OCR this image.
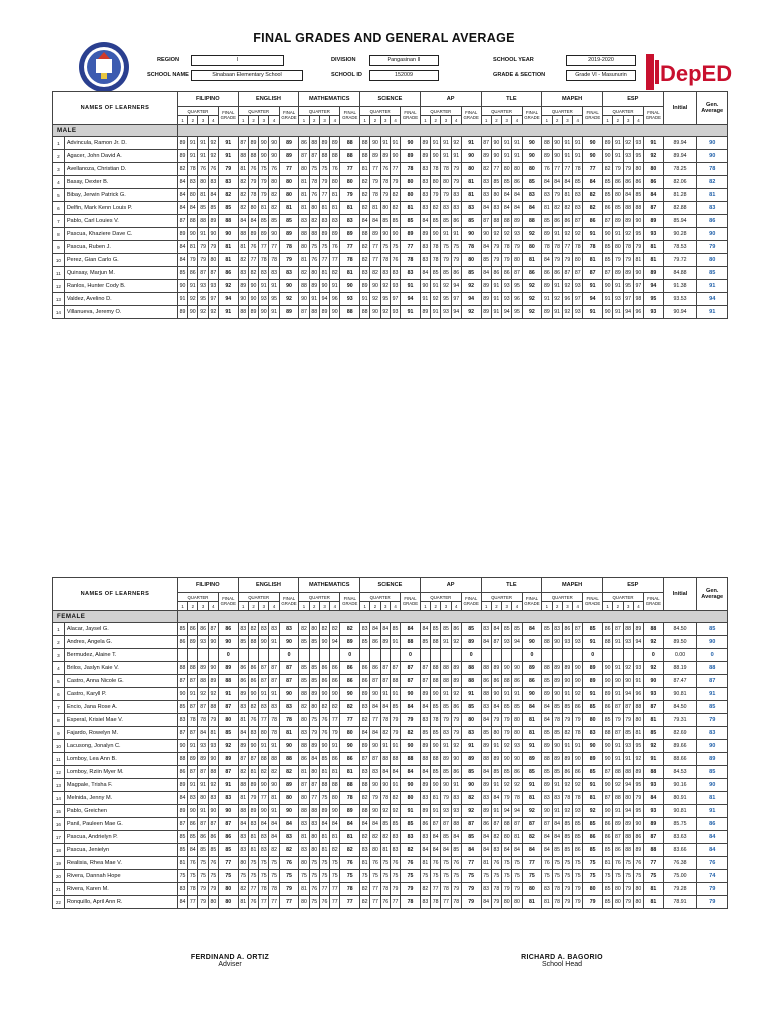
FINAL GRADES AND GENERAL AVERAGE
DepED
REGION	I	DIVISION	Pangasinan II	SCHOOL YEAR	2019-2020
SCHOOL NAME	Sinabaan Elementary School	SCHOOL ID	152009	GRADE & SECTION	Grade VI - Masunurin
NAMES OF LEARNERS		FILIPINO					ENGLISH					MATHEMATICS					SCIENCE					AP					TLE					MAPEH					ESP					Initial	Gen. Average
		QUARTER				FINAL GRADE	QUARTER				FINAL GRADE	QUARTER				FINAL GRADE	QUARTER				FINAL GRADE	QUARTER				FINAL GRADE	QUARTER				FINAL GRADE	QUARTER				FINAL GRADE	QUARTER				FINAL GRADE		
		1	2	3	4		1	2	3	4		1	2	3	4		1	2	3	4		1	2	3	4		1	2	3	4		1	2	3	4		1	2	3	4			
MALE																																											
1	Advincula, Ramon Jr. D.	89	91	91	92	91	87	89	90	90	89	86	88	89	89	88	88	90	91	91	90	89	91	91	92	91	87	90	91	91	90	88	90	91	91	90	89	91	92	93	91	89.94	90
2	Agacer, John David A.	89	91	91	92	91	88	88	90	90	89	87	87	88	88	88	88	89	89	90	89	89	90	91	91	90	89	90	91	91	90	89	90	91	91	90	90	91	93	95	92	89.94	90
3	Avellanoza, Christian D.	82	78	76	76	79	81	76	75	76	77	80	75	75	76	77	81	77	76	77	78	83	78	78	79	80	82	77	80	80	80	76	77	77	78	77	82	79	79	80	80	78.25	78
4	Basay, Dexter B.	84	83	80	83	83	82	79	79	80	80	81	78	79	80	80	82	79	78	79	80	83	80	80	79	81	83	85	85	86	85	84	84	84	85	84	85	86	86	86	86	82.06	82
5	Bibay, Jerwin Patrick G.	84	80	81	84	82	82	78	79	82	80	81	76	77	81	79	82	78	79	82	80	83	79	79	83	81	83	80	84	84	83	83	79	81	83	82	85	80	84	85	84	81.28	81
6	Delfin, Mark Kenn Louis P.	84	84	85	85	85	82	80	81	82	81	81	80	81	81	81	82	81	80	82	81	83	82	83	83	83	84	83	84	84	84	81	82	82	83	82	86	85	88	88	87	82.88	83
7	Pablo, Carl Louies V.	87	88	88	89	88	84	84	85	85	85	83	82	83	83	83	84	84	85	85	85	84	85	85	86	85	87	88	88	89	88	85	86	86	87	86	87	89	89	90	89	85.94	86
8	Pascua, Khaziere Dave C.	89	90	91	90	90	88	89	89	90	89	88	88	89	89	89	88	89	90	90	89	89	90	91	91	90	90	92	92	93	92	89	91	92	92	91	90	91	92	95	93	90.28	90
9	Pascua, Ruben J.	84	81	79	79	81	81	76	77	77	78	80	75	75	76	77	82	77	75	75	77	83	78	75	75	78	84	79	78	79	80	78	78	77	78	78	85	80	78	79	81	78.53	79
10	Perez, Gian Carlo G.	84	79	79	80	81	82	77	78	78	79	81	76	77	77	78	82	77	78	76	78	83	78	79	79	80	85	79	79	80	81	84	79	79	80	81	85	79	79	81	81	79.72	80
11	Quinsay, Marjun M.	85	86	87	87	86	83	82	83	83	83	82	80	81	82	81	83	82	83	83	83	84	85	85	86	85	84	86	86	87	86	86	86	87	87	87	87	89	89	90	89	84.88	85
12	Ranlos, Hunter Cody B.	90	91	93	93	92	89	90	91	91	90	88	89	90	91	90	89	90	92	93	91	90	91	92	94	92	89	91	93	95	92	89	91	92	93	91	90	91	95	97	94	91.38	91
13	Valdez, Avelino D.	91	92	95	97	94	90	90	93	95	92	90	91	94	96	93	91	92	95	97	94	91	92	95	97	94	89	91	93	96	92	91	92	96	97	94	91	93	97	98	95	93.53	94
14	Villanueva, Jeremy O.	89	90	92	92	91	88	89	90	91	89	87	88	89	90	88	88	90	92	93	91	89	91	93	94	92	89	91	94	95	92	89	91	92	93	91	90	91	94	96	93	90.94	91
NAMES OF LEARNERS		FILIPINO					ENGLISH					MATHEMATICS					SCIENCE					AP					TLE					MAPEH					ESP					Initial	Gen. Average
		QUARTER				FINAL GRADE	QUARTER				FINAL GRADE	QUARTER				FINAL GRADE	QUARTER				FINAL GRADE	QUARTER				FINAL GRADE	QUARTER				FINAL GRADE	QUARTER				FINAL GRADE	QUARTER				FINAL GRADE		
		1	2	3	4		1	2	3	4		1	2	3	4		1	2	3	4		1	2	3	4		1	2	3	4		1	2	3	4		1	2	3	4			
FEMALE																																											
1	Alacar, Jaysel G.	85	86	86	87	86	83	82	83	83	83	82	80	82	82	82	83	84	84	85	84	84	85	85	86	85	83	84	85	85	84	85	83	86	87	85	86	87	88	89	88	84.50	85
2	Andres, Angela G.	86	89	93	90	90	85	88	90	91	90	85	85	90	94	89	85	86	89	91	88	85	88	91	92	89	84	87	93	94	90	88	90	93	93	91	88	91	93	94	92	89.50	90
3	Bermudez, Alaine T.					0					0					0					0					0					0					0					0	0.00	0
4	Brilos, Jaslyn Kaie V.	88	88	89	90	89	86	86	87	87	87	85	85	86	86	86	86	86	87	87	87	87	88	88	89	88	88	89	90	90	89	88	89	89	90	89	90	91	92	93	92	88.19	88
5	Castro, Anna Nicole G.	87	87	88	89	88	86	86	87	87	87	85	85	86	86	86	86	87	87	88	87	87	88	88	89	88	86	86	88	86	86	85	89	90	90	89	90	90	90	91	90	87.47	87
6	Castro, Karyll P.	90	91	92	92	91	89	90	91	91	90	88	89	90	90	90	89	90	91	91	90	89	90	91	92	91	88	90	91	91	90	89	90	91	92	91	89	91	94	96	93	90.81	91
7	Encio, Jana Rose A.	85	87	87	88	87	83	82	83	83	83	82	80	82	82	82	83	84	84	85	84	84	85	85	86	85	83	84	85	85	84	84	85	85	86	85	86	87	87	88	87	84.50	85
8	Esperal, Krisiel Mae V.	83	78	78	79	80	81	76	77	78	78	80	75	76	77	77	82	77	78	79	79	83	78	79	79	80	84	79	79	80	81	84	78	79	79	80	85	79	79	80	81	79.31	79
9	Fajardo, Rowelyn M.	87	87	84	81	85	84	83	80	78	81	83	79	76	79	80	84	84	82	79	82	85	85	83	79	83	85	80	79	80	81	85	85	82	78	83	88	87	85	81	85	82.69	83
10	Lacusong, Jonalyn C.	90	91	93	93	92	89	90	91	91	90	88	89	90	91	90	89	90	91	91	90	89	90	91	92	91	89	91	92	93	91	89	90	91	91	90	90	91	93	95	92	89.66	90
11	Lomboy, Lea Ann B.	88	89	89	90	89	87	87	88	88	88	86	84	85	86	86	87	87	88	88	88	88	88	89	90	89	88	89	90	90	89	88	89	89	90	89	90	91	91	92	91	88.66	89
12	Lomboy, Rziin Myer M.	86	87	87	88	87	82	81	82	82	82	81	80	81	81	81	83	83	84	84	84	84	85	85	86	85	84	85	85	86	85	85	85	86	86	85	87	88	88	89	88	84.53	85
13	Magpale, Trisha F.	89	91	91	92	91	88	89	90	90	89	87	87	88	88	88	88	90	90	91	90	89	90	90	91	90	89	91	92	92	91	89	91	92	92	91	90	92	94	95	93	90.16	90
14	Melnida, Jenny M.	84	83	80	83	83	81	79	77	81	80	80	77	75	80	78	82	79	78	82	80	83	81	79	83	82	83	84	79	78	81	83	83	78	78	81	87	88	80	79	84	80.91	81
15	Pablo, Greichen	89	90	91	90	90	88	89	90	91	90	88	88	89	90	89	88	90	92	92	91	89	91	93	93	92	89	91	94	94	92	90	91	92	93	92	90	91	94	95	93	90.81	91
16	Panil, Pauleen Mae G.	87	86	87	87	87	84	83	84	84	84	83	83	84	84	84	84	84	85	85	85	86	87	87	88	87	86	87	88	87	87	87	84	85	85	85	86	89	89	90	89	85.75	86
17	Pascua, Andrielyn P.	85	85	86	86	86	83	81	83	84	83	81	80	81	81	81	82	82	82	83	83	83	84	85	84	85	84	82	80	81	82	84	84	85	85	86	86	87	88	86	87	83.63	84
18	Pascua, Jenielyn	85	84	85	85	85	83	81	83	82	82	83	80	81	82	82	83	80	81	83	82	84	84	84	85	84	84	83	84	84	84	84	85	85	86	85	85	86	88	89	88	83.66	84
19	Realisia, Rhea Mae V.	81	76	75	76	77	80	75	75	75	76	80	75	75	75	76	81	76	75	76	76	81	76	75	76	77	81	76	75	75	77	76	75	75	75	75	81	76	75	76	77	76.38	76
20	Rivera, Dannah Hope	75	75	75	75	75	75	75	75	75	75	75	75	75	75	75	75	75	75	75	75	75	75	75	75	75	75	75	75	75	75	75	75	75	75	75	75	75	75	75	75	75.00	74
21	Rivera, Karen M.	83	78	79	79	80	82	77	78	78	79	81	76	77	77	78	82	77	78	79	79	82	77	78	79	79	83	78	79	79	80	83	78	79	79	80	85	80	79	80	81	79.28	79
22	Ronquillo, April Ann R.	84	77	79	80	80	81	76	77	77	77	80	75	76	77	77	82	77	76	77	78	83	78	77	78	79	84	79	80	80	81	81	78	79	79	79	85	80	79	80	81	78.91	79
FERDINAND A. ORTIZ
Adviser
RICHARD A. BAGORIO
School Head
